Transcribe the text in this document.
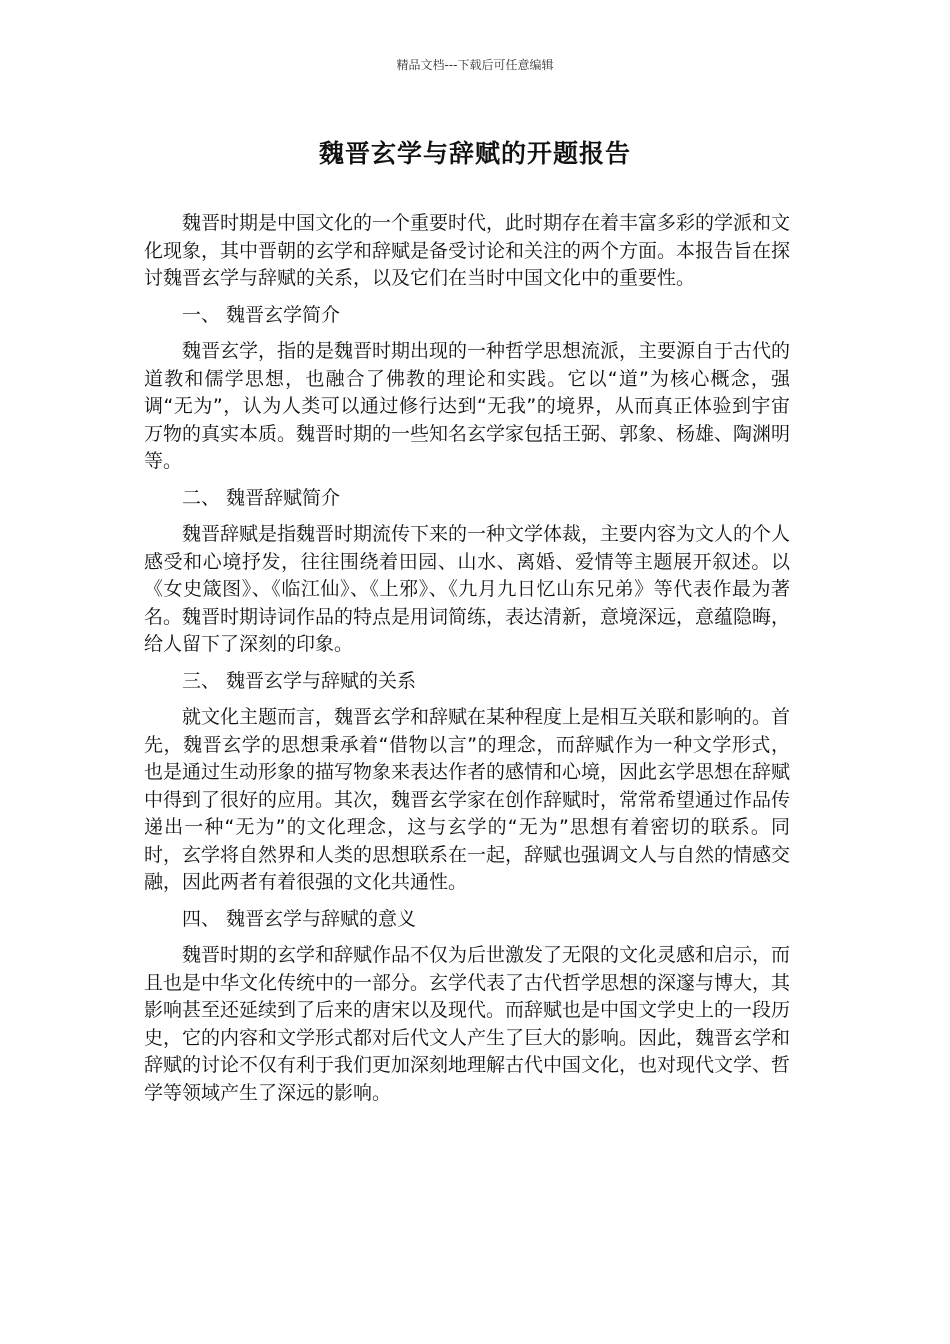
精品文档---下载后可任意编辑
魏晋玄学与辞赋的开题报告

魏晋时期是中国文化的一个重要时代，此时期存在着丰富多彩的学派和文化现象，其中晋朝的玄学和辞赋是备受讨论和关注的两个方面。本报告旨在探讨魏晋玄学与辞赋的关系，以及它们在当时中国文化中的重要性。

一、 魏晋玄学简介

魏晋玄学，指的是魏晋时期出现的一种哲学思想流派，主要源自于古代的道教和儒学思想，也融合了佛教的理论和实践。它以“道”为核心概念，强调“无为”，认为人类可以通过修行达到“无我”的境界，从而真正体验到宇宙万物的真实本质。魏晋时期的一些知名玄学家包括王弼、郭象、杨雄、陶渊明等。

二、 魏晋辞赋简介

魏晋辞赋是指魏晋时期流传下来的一种文学体裁，主要内容为文人的个人感受和心境抒发，往往围绕着田园、山水、离婚、爱情等主题展开叙述。以《女史箴图》、《临江仙》、《上邪》、《九月九日忆山东兄弟》等代表作最为著名。魏晋时期诗词作品的特点是用词简练，表达清新，意境深远，意蕴隐晦，给人留下了深刻的印象。

三、 魏晋玄学与辞赋的关系

就文化主题而言，魏晋玄学和辞赋在某种程度上是相互关联和影响的。首先，魏晋玄学的思想秉承着“借物以言”的理念，而辞赋作为一种文学形式，也是通过生动形象的描写物象来表达作者的感情和心境，因此玄学思想在辞赋中得到了很好的应用。其次，魏晋玄学家在创作辞赋时，常常希望通过作品传递出一种“无为”的文化理念，这与玄学的“无为”思想有着密切的联系。同时，玄学将自然界和人类的思想联系在一起，辞赋也强调文人与自然的情感交融，因此两者有着很强的文化共通性。

四、 魏晋玄学与辞赋的意义

魏晋时期的玄学和辞赋作品不仅为后世激发了无限的文化灵感和启示，而且也是中华文化传统中的一部分。玄学代表了古代哲学思想的深邃与博大，其影响甚至还延续到了后来的唐宋以及现代。而辞赋也是中国文学史上的一段历史，它的内容和文学形式都对后代文人产生了巨大的影响。因此，魏晋玄学和辞赋的讨论不仅有利于我们更加深刻地理解古代中国文化，也对现代文学、哲学等领域产生了深远的影响。
